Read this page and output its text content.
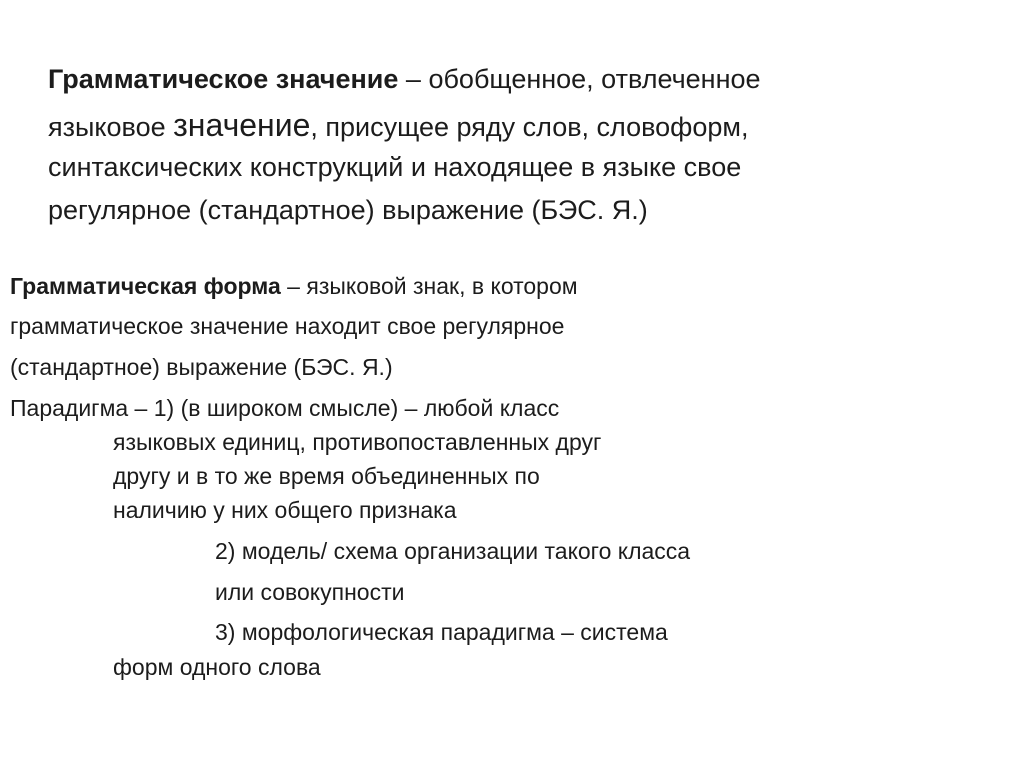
Грамматическое значение – обобщенное, отвлеченное
языковое значение, присущее ряду слов, словоформ,
синтаксических конструкций и находящее в языке свое
регулярное (стандартное) выражение (БЭС. Я.)
Грамматическая форма – языковой знак, в котором
грамматическое значение находит свое регулярное
(стандартное) выражение (БЭС. Я.)
Парадигма – 1) (в широком смысле) – любой класс
языковых единиц, противопоставленных друг
другу и в то же время объединенных по
наличию у них общего признака
2) модель/ схема организации такого класса
или совокупности
3) морфологическая парадигма – система
форм одного слова
